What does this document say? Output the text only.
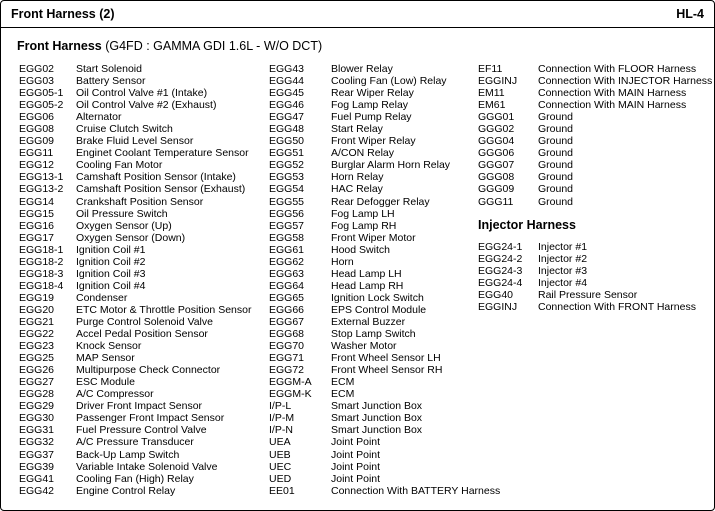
Front Harness (2)	HL-4
Front Harness (G4FD : GAMMA GDI 1.6L - W/O DCT)
EGG02 Start Solenoid
EGG03 Battery Sensor
EGG05-1 Oil Control Valve #1 (Intake)
EGG05-2 Oil Control Valve #2 (Exhaust)
EGG06 Alternator
EGG08 Cruise Clutch Switch
EGG09 Brake Fluid Level Sensor
EGG11 Enginet Coolant Temperature Sensor
EGG12 Cooling Fan Motor
EGG13-1 Camshaft Position Sensor (Intake)
EGG13-2 Camshaft Position Sensor (Exhaust)
EGG14 Crankshaft Position Sensor
EGG15 Oil Pressure Switch
EGG16 Oxygen Sensor (Up)
EGG17 Oxygen Sensor (Down)
EGG18-1 Ignition Coil #1
EGG18-2 Ignition Coil #2
EGG18-3 Ignition Coil #3
EGG18-4 Ignition Coil #4
EGG19 Condenser
EGG20 ETC Motor & Throttle Position Sensor
EGG21 Purge Control Solenoid Valve
EGG22 Accel Pedal Position Sensor
EGG23 Knock Sensor
EGG25 MAP Sensor
EGG26 Multipurpose Check Connector
EGG27 ESC Module
EGG28 A/C Compressor
EGG29 Driver Front Impact Sensor
EGG30 Passenger Front Impact Sensor
EGG31 Fuel Pressure Control Valve
EGG32 A/C Pressure Transducer
EGG37 Back-Up Lamp Switch
EGG39 Variable Intake Solenoid Valve
EGG41 Cooling Fan (High) Relay
EGG42 Engine Control Relay
EGG43	Blower Relay
EGG44	Cooling Fan (Low) Relay
EGG45	Rear Wiper Relay
EGG46	Fog Lamp Relay
EGG47	Fuel Pump Relay
EGG48	Start Relay
EGG50	Front Wiper Relay
EGG51	A/CON Relay
EGG52	Burglar Alarm Horn Relay
EGG53	Horn Relay
EGG54	HAC Relay
EGG55	Rear Defogger Relay
EGG56	Fog Lamp LH
EGG57	Fog Lamp RH
EGG58	Front Wiper Motor
EGG61	Hood Switch
EGG62	Horn
EGG63	Head Lamp LH
EGG64	Head Lamp RH
EGG65	Ignition Lock Switch
EGG66	EPS Control Module
EGG67	External Buzzer
EGG68	Stop Lamp Switch
EGG70	Washer Motor
EGG71	Front Wheel Sensor LH
EGG72	Front Wheel Sensor RH
EGGM-A ECM
EGGM-K ECM
I/P-L	Smart Junction Box
I/P-M	Smart Junction Box
I/P-N	Smart Junction Box
UEA	Joint Point
UEB	Joint Point
UEC	Joint Point
UED	Joint Point
EE01	Connection With BATTERY Harness
EF11	Connection With FLOOR Harness
EGGINJ Connection With INJECTOR Harness
EM11	Connection With MAIN Harness
EM61	Connection With MAIN Harness
GGG01 Ground
GGG02 Ground
GGG04 Ground
GGG06 Ground
GGG07 Ground
GGG08 Ground
GGG09 Ground
GGG11 Ground
Injector Harness
EGG24-1 Injector #1
EGG24-2 Injector #2
EGG24-3 Injector #3
EGG24-4 Injector #4
EGG40 Rail Pressure Sensor
EGGINJ Connection With FRONT Harness
